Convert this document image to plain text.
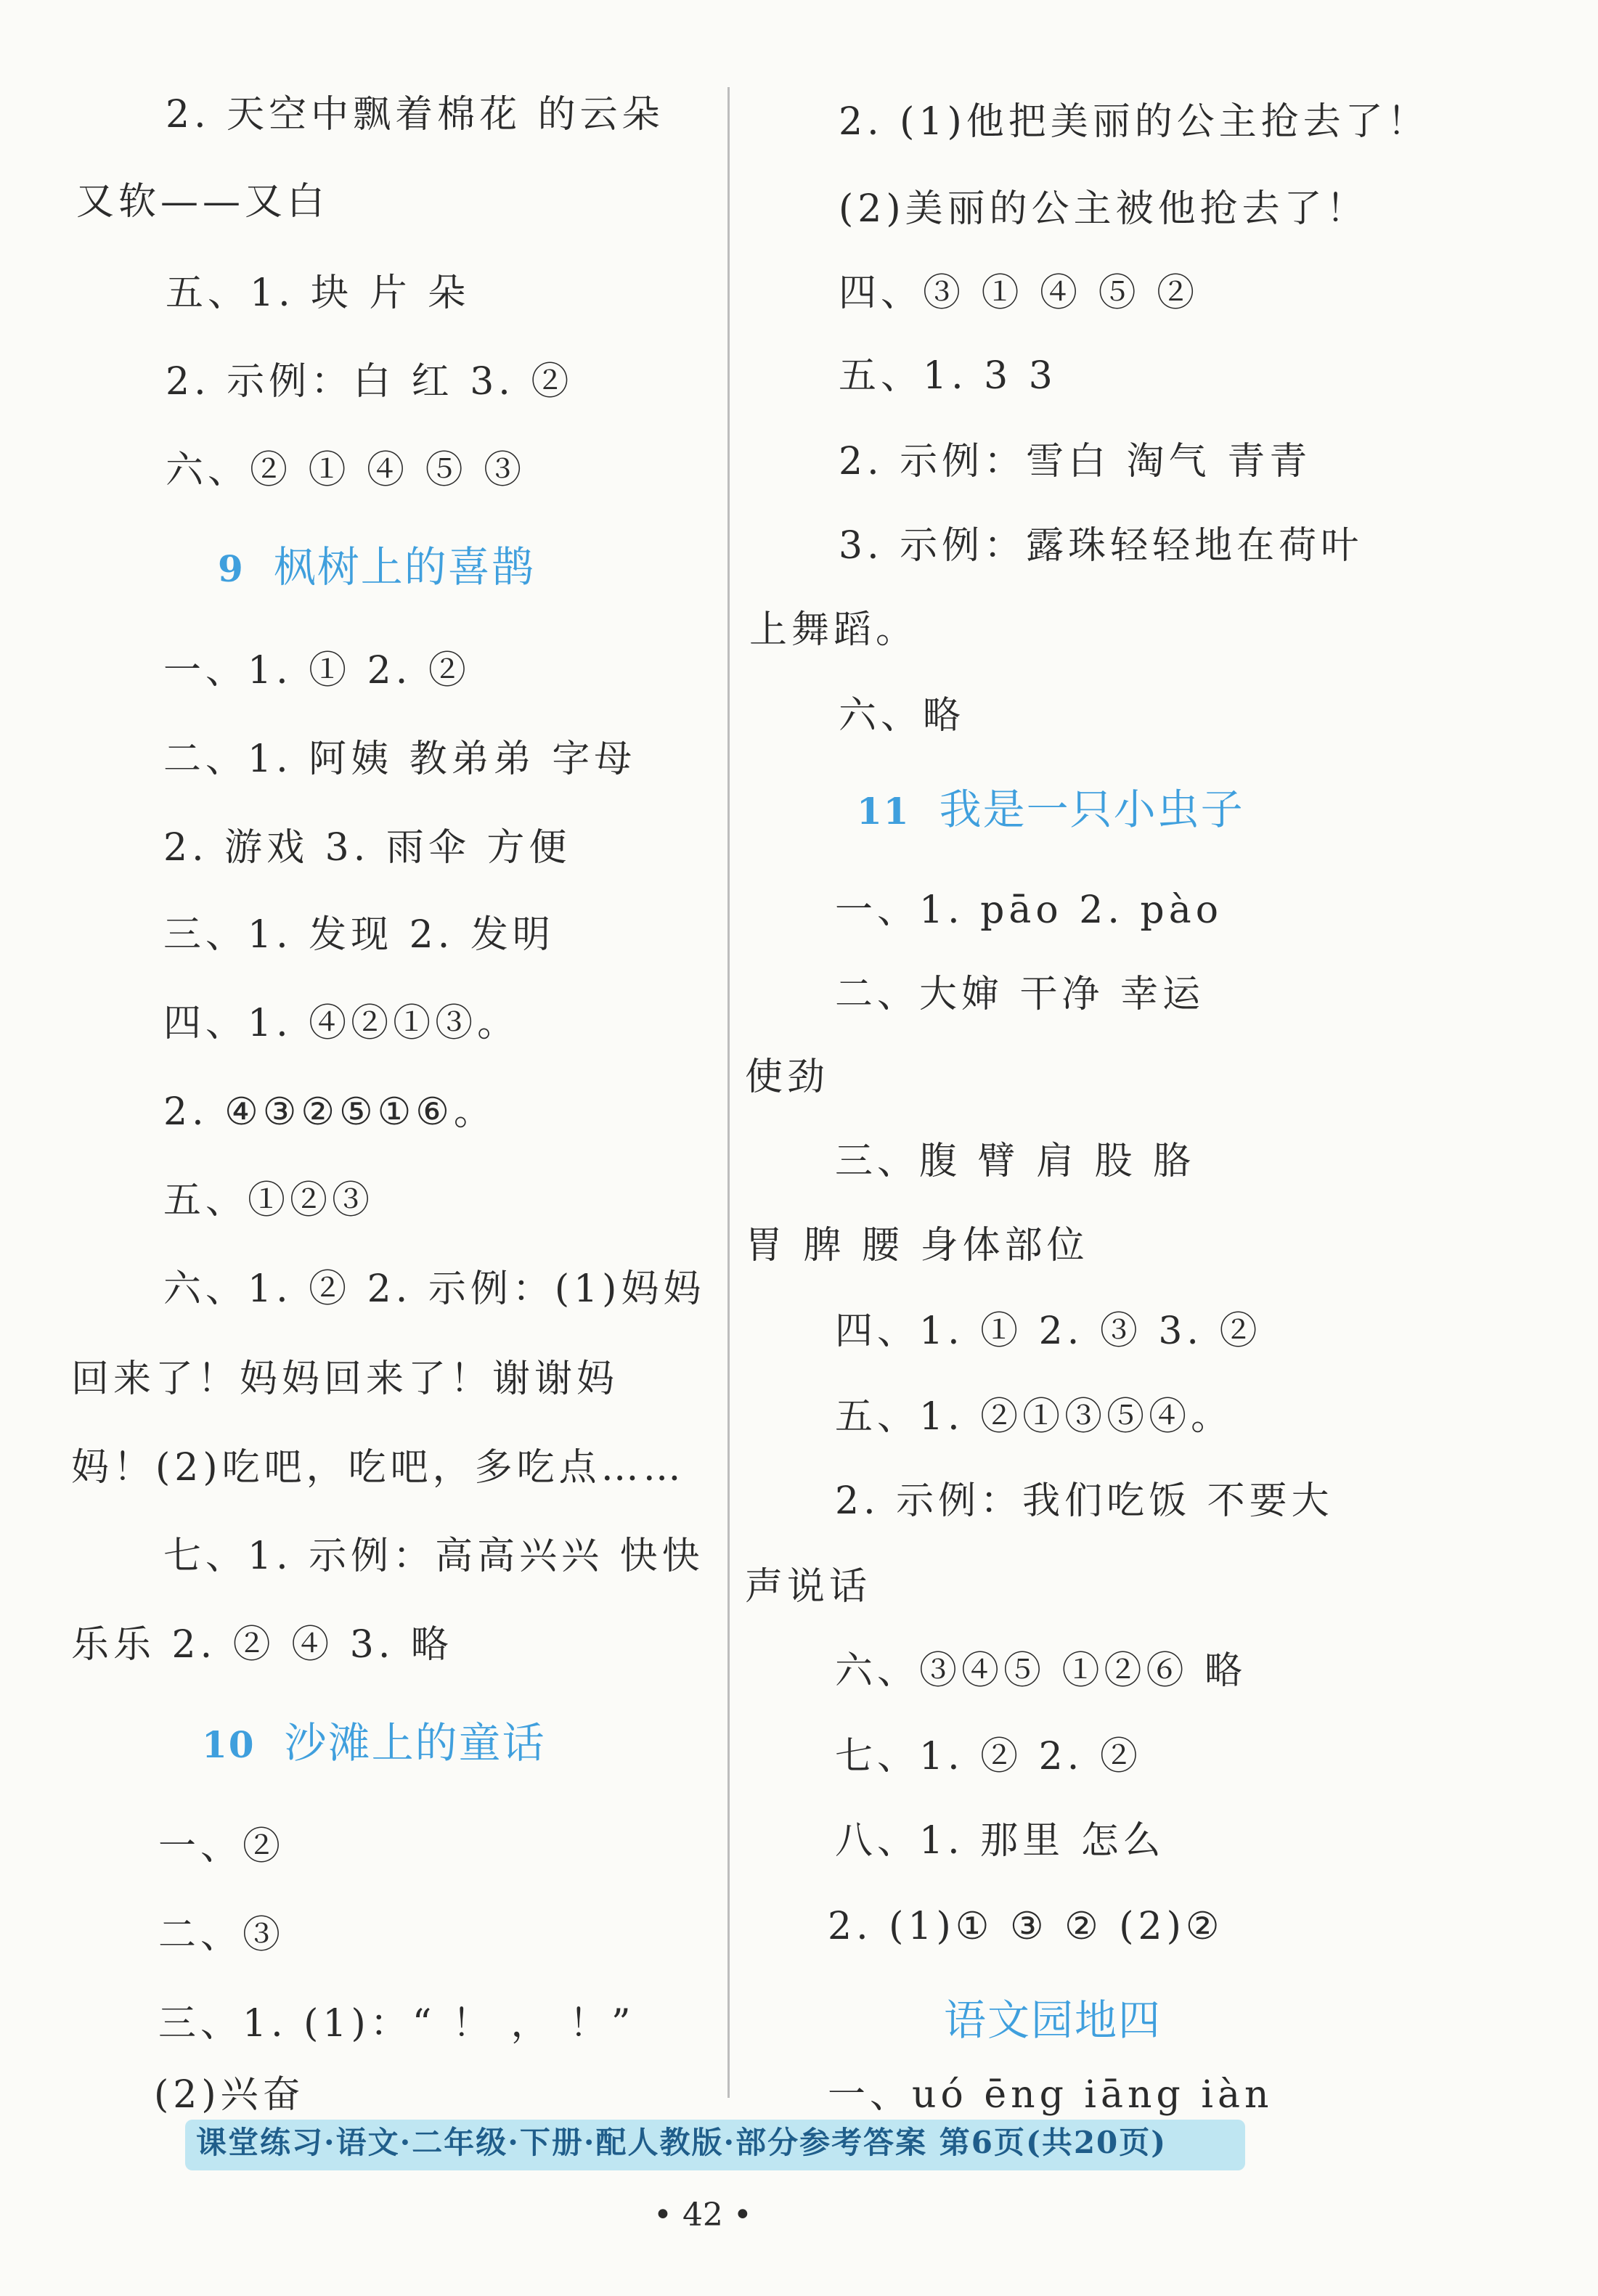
2. 天空中飘着棉花 的云朵
又软——又白
五、1. 块 片 朵
2. 示例：白 红 3. ②
六、② ① ④ ⑤ ③
9 枫树上的喜鹊
一、1. ① 2. ②
二、1. 阿姨 教弟弟 字母
2. 游戏 3. 雨伞 方便
三、1. 发现 2. 发明
四、1. ④②①③。
2. ④③②⑤①⑥。
五、①②③
六、1. ② 2. 示例：(1)妈妈
回来了！妈妈回来了！谢谢妈
妈！(2)吃吧，吃吧，多吃点……
七、1. 示例：高高兴兴 快快
乐乐 2. ② ④ 3. 略
10 沙滩上的童话
一、②
二、③
三、1. (1)：“ ！ ， ！”
2. (1)他把美丽的公主抢去了！
(2)美丽的公主被他抢去了！
四、③ ① ④ ⑤ ②
五、1. 3 3
2. 示例：雪白 淘气 青青
3. 示例：露珠轻轻地在荷叶
上舞蹈。
六、略
11 我是一只小虫子
一、1. pāo 2. pào
二、大婶 干净 幸运
使劲
三、腹 臂 肩 股 胳
胃 脾 腰 身体部位
四、1. ① 2. ③ 3. ②
五、1. ②①③⑤④。
2. 示例：我们吃饭 不要大
声说话
六、③④⑤ ①②⑥ 略
七、1. ② 2. ②
八、1. 那里 怎么
2. (1)① ③ ② (2)②
语文园地四
(2)兴奋	一、uó ēng iāng iàn
课堂练习·语文·二年级·下册·配人教版·部分参考答案 第6页(共20页)
• 42 •
